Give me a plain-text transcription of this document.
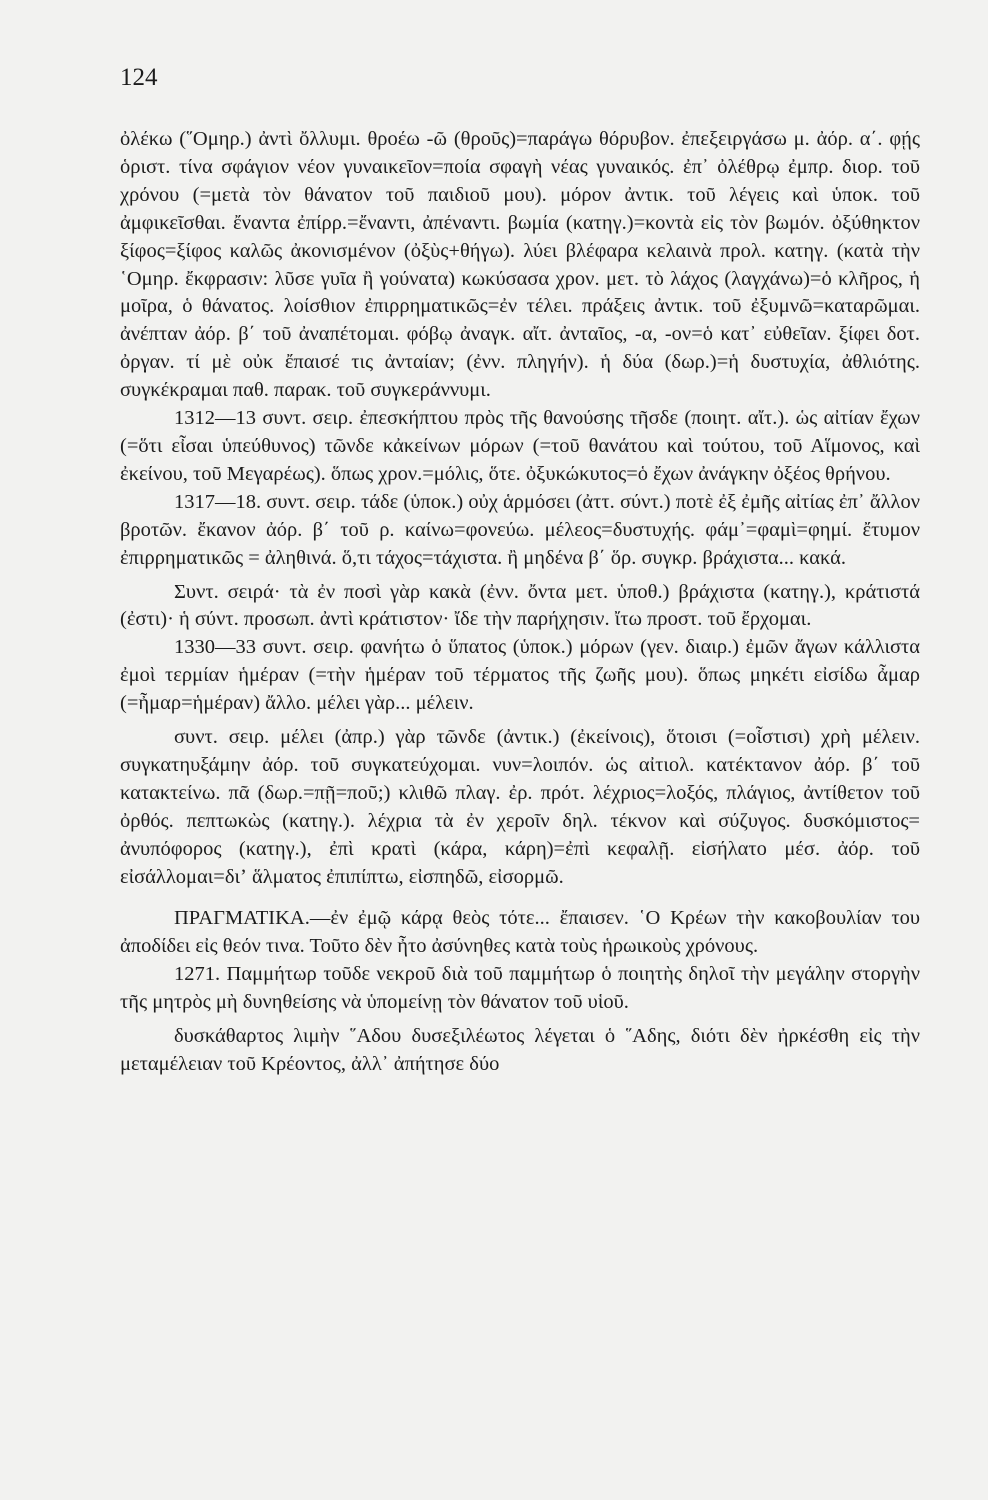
124

ὀλέκω (῞Ομηρ.) ἀντὶ ὄλλυμι. θροέω -ῶ (θροῦς)=παράγω θόρυβον. ἐπεξειργάσω μ. ἀόρ. α΄. φῄς ὁριστ. τίνα σφάγιον νέον γυναικεῖον=ποία σφαγὴ νέας γυναικός. ἐπ᾽ ὀλέθρῳ ἐμπρ. διορ. τοῦ χρόνου (=μετὰ τὸν θάνατον τοῦ παιδιοῦ μου). μόρον ἀντικ. τοῦ λέγεις καὶ ὑποκ. τοῦ ἀμφικεῖσθαι. ἔναντα ἐπίρρ.=ἔναντι, ἀπέναντι. βωμία (κατηγ.)=κοντὰ εἰς τὸν βωμόν. ὀξύθηκτον ξίφος=ξίφος καλῶς ἀκονισμένον (ὀξὺς+θήγω). λύει βλέφαρα κελαινὰ προλ. κατηγ. (κατὰ τὴν ῾Ομηρ. ἔκφρασιν: λῦσε γυῖα ἢ γούνατα) κωκύσασα χρον. μετ. τὸ λάχος (λαγχάνω)=ὁ κλῆρος, ἡ μοῖρα, ὁ θάνατος. λοίσθιον ἐπιρρηματικῶς=ἐν τέλει. πράξεις ἀντικ. τοῦ ἐξυμνῶ=καταρῶμαι. ἀνέπταν ἀόρ. β΄ τοῦ ἀναπέτομαι. φόβῳ ἀναγκ. αἴτ. ἀνταῖος, -α, -ον=ὁ κατ᾽ εὐθεῖαν. ξίφει δοτ. ὀργαν. τί μὲ οὐκ ἔπαισέ τις ἀνταίαν; (ἐνν. πληγήν). ἡ δύα (δωρ.)=ἡ δυστυχία, ἀθλιότης. συγκέκραμαι παθ. παρακ. τοῦ συγκεράννυμι.

1312—13 συντ. σειρ. ἐπεσκήπτου πρὸς τῆς θανούσης τῆσδε (ποιητ. αἴτ.). ὡς αἰτίαν ἔχων (=ὅτι εἶσαι ὑπεύθυνος) τῶνδε κἀκείνων μόρων (=τοῦ θανάτου καὶ τούτου, τοῦ Αἵμονος, καὶ ἐκείνου, τοῦ Μεγαρέως). ὅπως χρον.=μόλις, ὅτε. ὀξυκώκυτος=ὁ ἔχων ἀνάγκην ὀξέος θρήνου.

1317—18. συντ. σειρ. τάδε (ὑποκ.) οὐχ ἁρμόσει (ἀττ. σύντ.) ποτὲ ἐξ ἐμῆς αἰτίας ἐπ᾽ ἄλλον βροτῶν. ἔκανον ἀόρ. β΄ τοῦ ρ. καίνω=φονεύω. μέλεος=δυστυχής. φάμ᾽=φαμὶ=φημί. ἔτυμον ἐπιρρηματικῶς = ἀληθινά. ὅ,τι τάχος=τάχιστα. ἢ μηδένα β΄ ὅρ. συγκρ. βράχιστα... κακά.

Συντ. σειρά· τὰ ἐν ποσὶ γὰρ κακὰ (ἐνν. ὄντα μετ. ὑποθ.) βράχιστα (κατηγ.), κράτιστά (ἐστι)· ἡ σύντ. προσωπ. ἀντὶ κράτιστον· ἴδε τὴν παρήχησιν. ἴτω προστ. τοῦ ἔρχομαι.

1330—33 συντ. σειρ. φανήτω ὁ ὕπατος (ὑποκ.) μόρων (γεν. διαιρ.) ἐμῶν ἄγων κάλλιστα ἐμοὶ τερμίαν ἡμέραν (=τὴν ἡμέραν τοῦ τέρματος τῆς ζωῆς μου). ὅπως μηκέτι εἰσίδω ἆμαρ (=ἦμαρ=ἡμέραν) ἄλλο. μέλει γὰρ... μέλειν.

συντ. σειρ. μέλει (ἀπρ.) γὰρ τῶνδε (ἀντικ.) (ἐκείνοις), ὅτοισι (=οἷστισι) χρὴ μέλειν. συγκατηυξάμην ἀόρ. τοῦ συγκατεύχομαι. νυν=λοιπόν. ὡς αἰτιολ. κατέκτανον ἀόρ. β΄ τοῦ κατακτείνω. πᾶ (δωρ.=πῇ=ποῦ;) κλιθῶ πλαγ. ἐρ. πρότ. λέχριος=λοξός, πλάγιος, ἀντίθετον τοῦ ὀρθός. πεπτωκὼς (κατηγ.). λέχρια τὰ ἐν χεροῖν δηλ. τέκνον καὶ σύζυγος. δυσκόμιστος= ἀνυπόφορος (κατηγ.), ἐπὶ κρατὶ (κάρα, κάρη)=ἐπὶ κεφαλῇ. εἰσήλατο μέσ. ἀόρ. τοῦ εἰσάλλομαι=διʼ ἅλματος ἐπιπίπτω, εἰσπηδῶ, εἰσορμῶ.

ΠΡΑΓΜΑΤΙΚΑ.—ἐν ἐμῷ κάρᾳ θεὸς τότε... ἔπαισεν. ῾Ο Κρέων τὴν κακοβουλίαν του ἀποδίδει εἰς θεόν τινα. Τοῦτο δὲν ἦτο ἀσύνηθες κατὰ τοὺς ἡρωικοὺς χρόνους.

1271. Παμμήτωρ τοῦδε νεκροῦ διὰ τοῦ παμμήτωρ ὁ ποιητὴς δηλοῖ τὴν μεγάλην στοργὴν τῆς μητρὸς μὴ δυνηθείσης νὰ ὑπομείνῃ τὸν θάνατον τοῦ υἱοῦ.

δυσκάθαρτος λιμὴν ῞Αδου δυσεξιλέωτος λέγεται ὁ ῞Αδης, διότι δὲν ἠρκέσθη εἰς τὴν μεταμέλειαν τοῦ Κρέοντος, ἀλλ᾽ ἀπήτησε δύο
